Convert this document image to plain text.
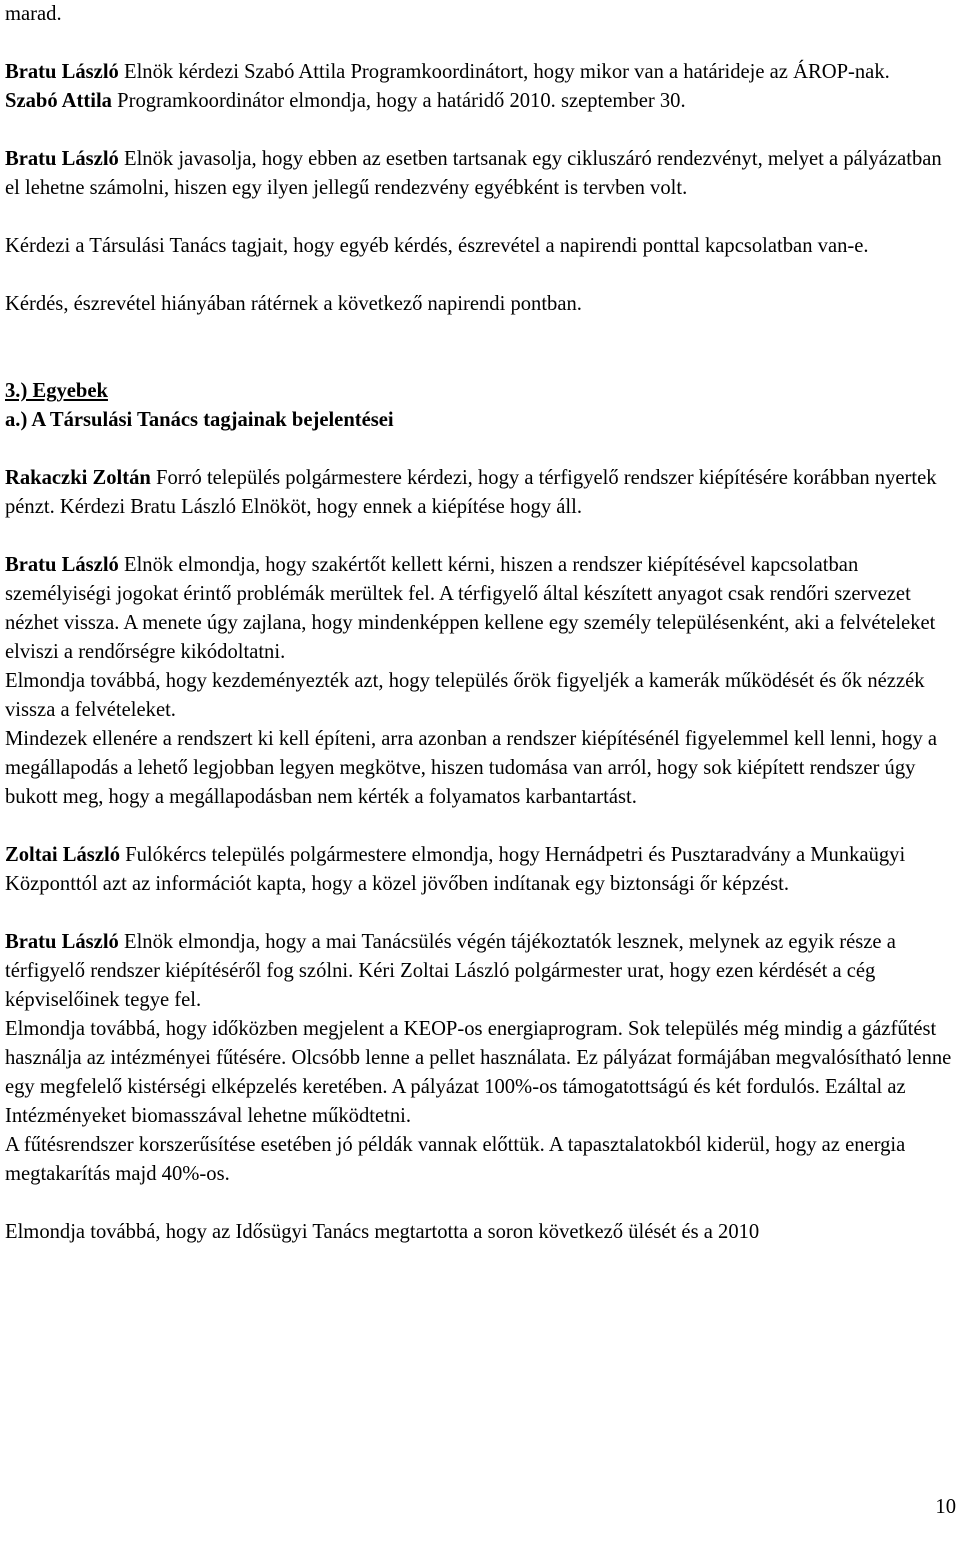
marad.

Bratu László Elnök kérdezi Szabó Attila Programkoordinátort, hogy mikor van a határideje az ÁROP-nak.

Szabó Attila Programkoordinátor elmondja, hogy a határidő 2010. szeptember 30.

Bratu László Elnök javasolja, hogy ebben az esetben tartsanak egy cikluszáró rendezvényt, melyet a pályázatban el lehetne számolni, hiszen egy ilyen jellegű rendezvény egyébként is tervben volt.

Kérdezi a Társulási Tanács tagjait, hogy egyéb kérdés, észrevétel a napirendi ponttal kapcsolatban van-e.

Kérdés, észrevétel hiányában rátérnek a következő napirendi pontban.

3.) Egyebek

a.) A Társulási Tanács tagjainak bejelentései

Rakaczki Zoltán Forró település polgármestere kérdezi, hogy a térfigyelő rendszer kiépítésére korábban nyertek pénzt. Kérdezi Bratu László Elnököt, hogy ennek a kiépítése hogy áll.

Bratu László Elnök elmondja, hogy szakértőt kellett kérni, hiszen a rendszer kiépítésével kapcsolatban személyiségi jogokat érintő problémák merültek fel. A térfigyelő által készített anyagot csak rendőri szervezet nézhet vissza. A menete úgy zajlana, hogy mindenképpen kellene egy személy településenként, aki a felvételeket elviszi a rendőrségre kikódoltatni.

Elmondja továbbá, hogy kezdeményezték azt, hogy település őrök figyeljék a kamerák működését és ők nézzék vissza a felvételeket.

Mindezek ellenére a rendszert ki kell építeni, arra azonban a rendszer kiépítésénél figyelemmel kell lenni, hogy a megállapodás a lehető legjobban legyen megkötve, hiszen tudomása van arról, hogy sok kiépített rendszer úgy bukott meg, hogy a megállapodásban nem kérték a folyamatos karbantartást.

Zoltai László Fulókércs település polgármestere elmondja, hogy Hernádpetri és Pusztaradvány a Munkaügyi Központtól azt az információt kapta, hogy a közel jövőben indítanak egy biztonsági őr képzést.

Bratu László Elnök elmondja, hogy a mai Tanácsülés végén tájékoztatók lesznek, melynek az egyik része a térfigyelő rendszer kiépítéséről fog szólni. Kéri Zoltai László polgármester urat, hogy ezen kérdését a cég képviselőinek tegye fel.

Elmondja továbbá, hogy időközben megjelent a KEOP-os energiaprogram. Sok település még mindig a gázfűtést használja az intézményei fűtésére. Olcsóbb lenne a pellet használata. Ez pályázat formájában megvalósítható lenne egy megfelelő kistérségi elképzelés keretében. A pályázat 100%-os támogatottságú és két fordulós. Ezáltal az Intézményeket biomasszával lehetne működtetni.

A fűtésrendszer korszerűsítése esetében jó példák vannak előttük. A tapasztalatokból kiderül, hogy az energia megtakarítás majd 40%-os.

Elmondja továbbá, hogy az Idősügyi Tanács megtartotta a soron következő ülését és a 2010

10
